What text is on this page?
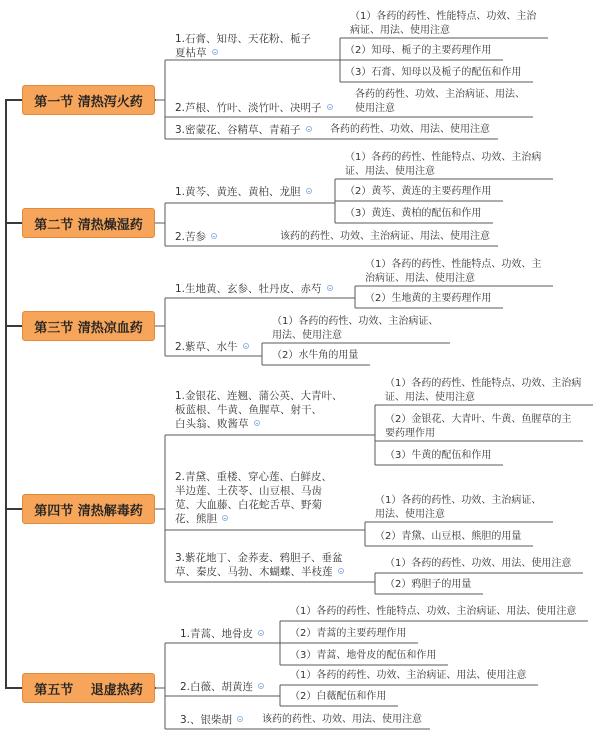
第一节 清热泻火药
1.石膏、知母、天花粉、栀子
夏枯草
（1）各药的药性、性能特点、功效、主治
病证、用法、使用注意
（2）知母、栀子的主要药理作用
（3）石膏、知母以及栀子的配伍和作用
2.芦根、竹叶、淡竹叶、决明子
各药的药性、功效、主治病证、用法、
使用注意
3.密蒙花、谷精草、青葙子	各药的药性、功效、用法、使用注意
第二节 清热燥湿药
1.黄芩、黄连、黄柏、龙胆
（1）各药的药性、性能特点、功效、主治病
证、用法、使用注意
（2）黄芩、黄连的主要药理作用
（3）黄连、黄柏的配伍和作用
2.苦参	该药的药性、功效、主治病证、用法、使用注意
第三节 清热凉血药
1.生地黄、玄参、牡丹皮、赤芍
（1）各药的药性、性能特点、功效、主
治病证、用法、使用注意
（2）生地黄的主要药理作用
2.紫草、水牛
（1）各药的药性、功效、主治病证、
用法、使用注意
（2）水牛角的用量
第四节 清热解毒药
1.金银花、连翘、蒲公英、大青叶、
板蓝根、牛黄、鱼腥草、射干、
白头翁、败酱草
（1）各药的药性、性能特点、功效、主治病
证、用法、使用注意
（2）金银花、大青叶、牛黄、鱼腥草的主
要药理作用
（3）牛黄的配伍和作用
2.青黛、重楼、穿心莲、白鲜皮、
半边莲、土茯苓、山豆根、马齿
苋、大血藤、白花蛇舌草、野菊
花、熊胆
（1）各药的药性、功效、主治病证、
用法、使用注意
（2）青黛、山豆根、熊胆的用量
3.紫花地丁、金荞麦、鸦胆子、垂盆
草、秦皮、马勃、木蝴蝶、半枝莲
（1）各药的药性、功效、用法、使用注意
（2）鸦胆子的用量
第五节　 退虚热药
1.青蒿、地骨皮
（1）各药的药性、性能特点、功效、主治病证、用法、使用注意
（2）青蒿的主要药理作用
（3）青蒿、地骨皮的配伍和作用
2.白薇、胡黄连
（1）各药的药性、功效、主治病证、用法、使用注意
（2）白薇配伍和作用
3.、银柴胡	该药的药性、功效、用法、使用注意
